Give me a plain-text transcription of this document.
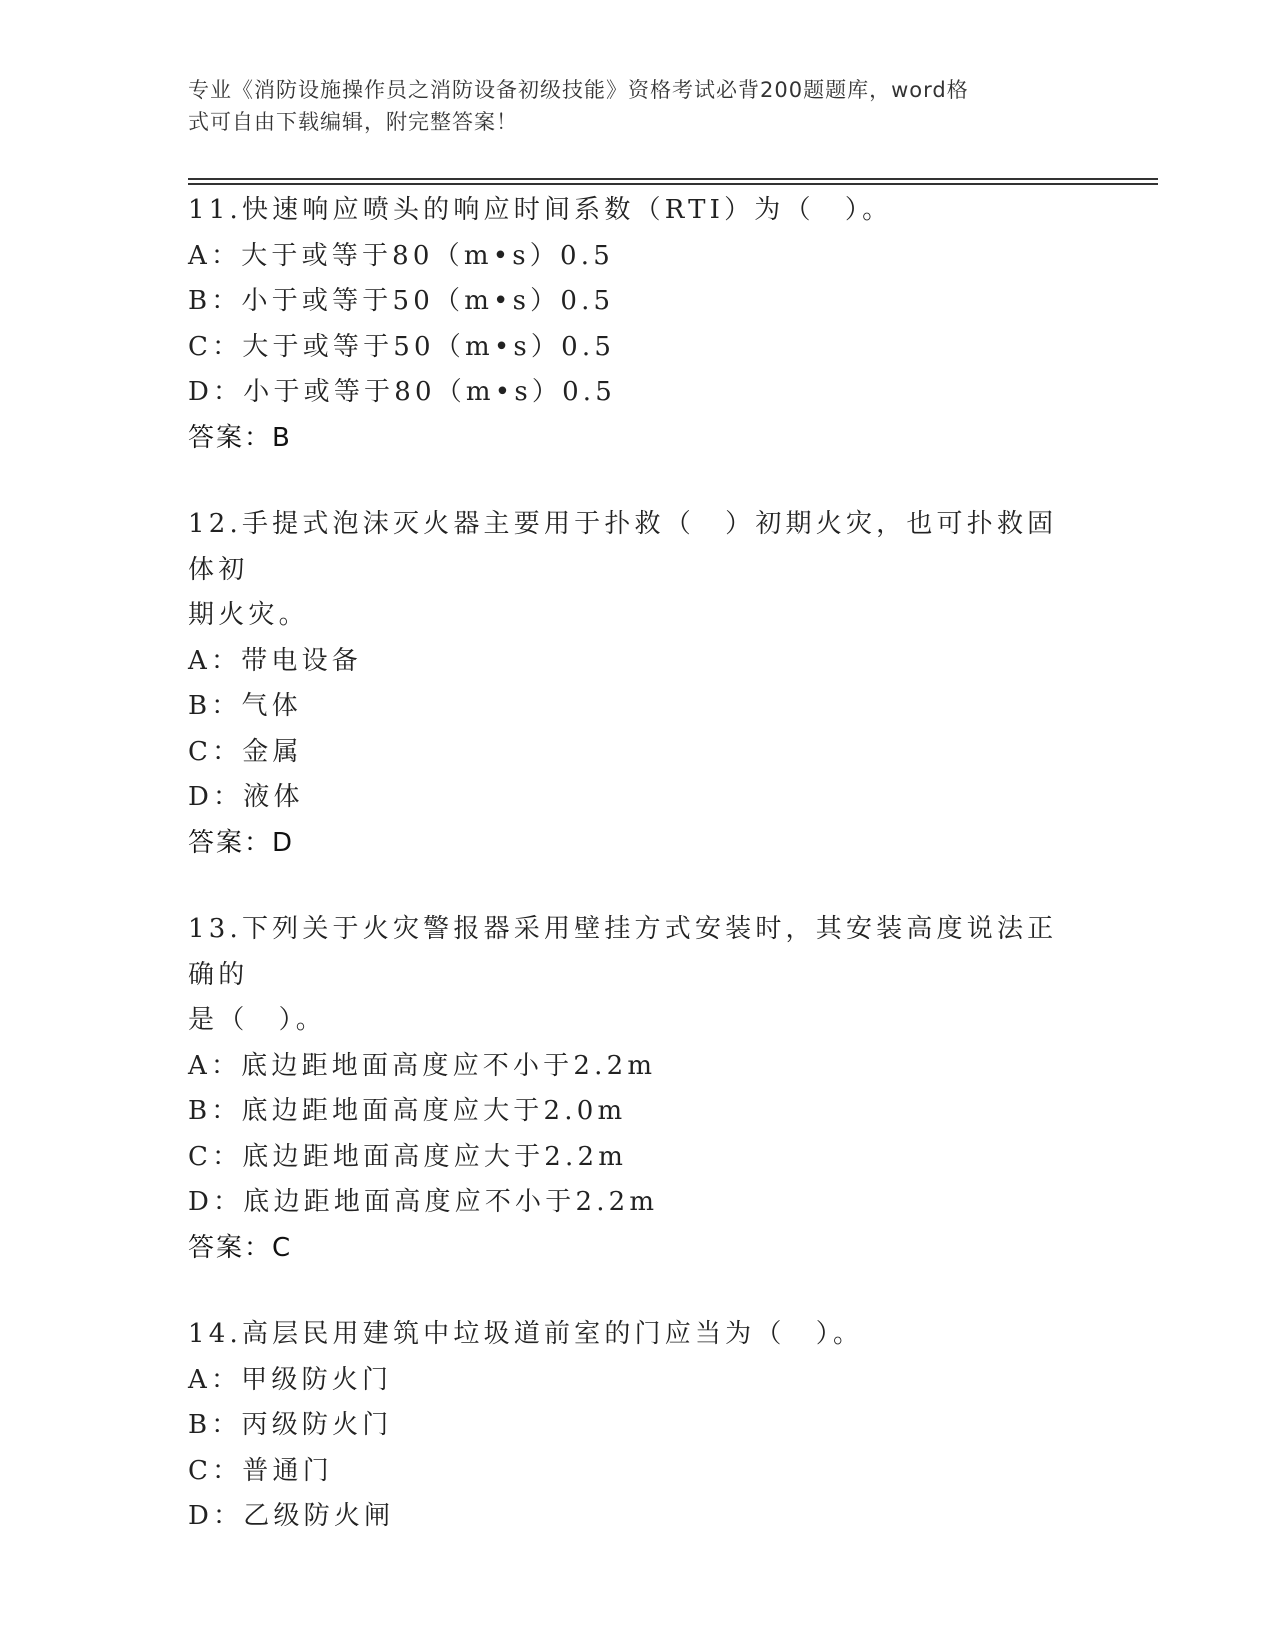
专业《消防设施操作员之消防设备初级技能》资格考试必背200题题库，word格
式可自由下载编辑，附完整答案！
11.快速响应喷头的响应时间系数（RTI）为（　）。
A：大于或等于80（m•s）0.5
B：小于或等于50（m•s）0.5
C：大于或等于50（m•s）0.5
D：小于或等于80（m•s）0.5
答案：B
12.手提式泡沫灭火器主要用于扑救（　）初期火灾，也可扑救固体初
期火灾。
A：带电设备
B：气体
C：金属
D：液体
答案：D
13.下列关于火灾警报器采用壁挂方式安装时，其安装高度说法正确的
是（　）。
A：底边距地面高度应不小于2.2m
B：底边距地面高度应大于2.0m
C：底边距地面高度应大于2.2m
D：底边距地面高度应不小于2.2m
答案：C
14.高层民用建筑中垃圾道前室的门应当为（　）。
A：甲级防火门
B：丙级防火门
C：普通门
D：乙级防火闸
